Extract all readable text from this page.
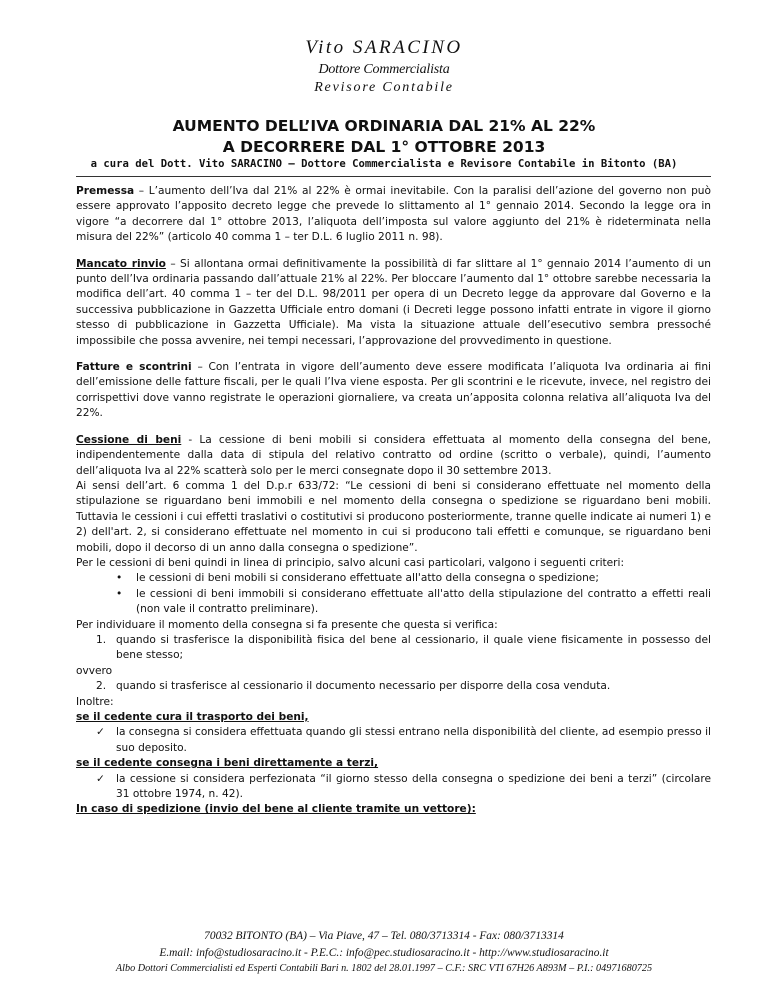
Vito SARACINO
Dottore Commercialista
Revisore Contabile
AUMENTO DELL’IVA ORDINARIA DAL 21% AL 22%
A DECORRERE DAL 1° OTTOBRE 2013
a cura del Dott. Vito SARACINO – Dottore Commercialista e Revisore Contabile in Bitonto (BA)

Premessa – L’aumento dell’Iva dal 21% al 22% è ormai inevitabile. Con la paralisi dell’azione del governo non può essere approvato l’apposito decreto legge che prevede lo slittamento al 1° gennaio 2014. Secondo la legge ora in vigore “a decorrere dal 1° ottobre 2013, l’aliquota dell’imposta sul valore aggiunto del 21% è rideterminata nella misura del 22%” (articolo 40 comma 1 – ter D.L. 6 luglio 2011 n. 98).

Mancato rinvio – Si allontana ormai definitivamente la possibilità di far slittare al 1° gennaio 2014 l’aumento di un punto dell’Iva ordinaria passando dall’attuale 21% al 22%. Per bloccare l’aumento dal 1° ottobre sarebbe necessaria la modifica dell’art. 40 comma 1 – ter del D.L. 98/2011 per opera di un Decreto legge da approvare dal Governo e la successiva pubblicazione in Gazzetta Ufficiale entro domani (i Decreti legge possono infatti entrate in vigore il giorno stesso di pubblicazione in Gazzetta Ufficiale). Ma vista la situazione attuale dell’esecutivo sembra pressoché impossibile che possa avvenire, nei tempi necessari, l’approvazione del provvedimento in questione.

Fatture e scontrini – Con l’entrata in vigore dell’aumento deve essere modificata l’aliquota Iva ordinaria ai fini dell’emissione delle fatture fiscali, per le quali l’Iva viene esposta. Per gli scontrini e le ricevute, invece, nel registro dei corrispettivi dove vanno registrate le operazioni giornaliere, va creata un’apposita colonna relativa all’aliquota Iva del 22%.

Cessione di beni - La cessione di beni mobili si considera effettuata al momento della consegna del bene, indipendentemente dalla data di stipula del relativo contratto od ordine (scritto o verbale), quindi, l’aumento dell’aliquota Iva al 22% scatterà solo per le merci consegnate dopo il 30 settembre 2013.

Ai sensi dell’art. 6 comma 1 del D.p.r 633/72: “Le cessioni di beni si considerano effettuate nel momento della stipulazione se riguardano beni immobili e nel momento della consegna o spedizione se riguardano beni mobili. Tuttavia le cessioni i cui effetti traslativi o costitutivi si producono posteriormente, tranne quelle indicate ai numeri 1) e 2) dell'art. 2, si considerano effettuate nel momento in cui si producono tali effetti e comunque, se riguardano beni mobili, dopo il decorso di un anno dalla consegna o spedizione”.

Per le cessioni di beni quindi in linea di principio, salvo alcuni casi particolari, valgono i seguenti criteri:

• le cessioni di beni mobili si considerano effettuate all'atto della consegna o spedizione;
• le cessioni di beni immobili si considerano effettuate all'atto della stipulazione del contratto a effetti reali (non vale il contratto preliminare).

Per individuare il momento della consegna si fa presente che questa si verifica:

1. quando si trasferisce la disponibilità fisica del bene al cessionario, il quale viene fisicamente in possesso del bene stesso;

ovvero

2. quando si trasferisce al cessionario il documento necessario per disporre della cosa venduta.

Inoltre:

se il cedente cura il trasporto dei beni,

✓ la consegna si considera effettuata quando gli stessi entrano nella disponibilità del cliente, ad esempio presso il suo deposito.

se il cedente consegna i beni direttamente a terzi,

✓ la cessione si considera perfezionata “il giorno stesso della consegna o spedizione dei beni a terzi” (circolare 31 ottobre 1974, n. 42).

In caso di spedizione (invio del bene al cliente tramite un vettore):

70032 BITONTO (BA) – Via Piave, 47 – Tel. 080/3713314 - Fax: 080/3713314
E.mail: info@studiosaracino.it - P.E.C.: info@pec.studiosaracino.it - http://www.studiosaracino.it
Albo Dottori Commercialisti ed Esperti Contabili Bari n. 1802 del 28.01.1997 – C.F.: SRC VTI 67H26 A893M – P.I.: 04971680725
